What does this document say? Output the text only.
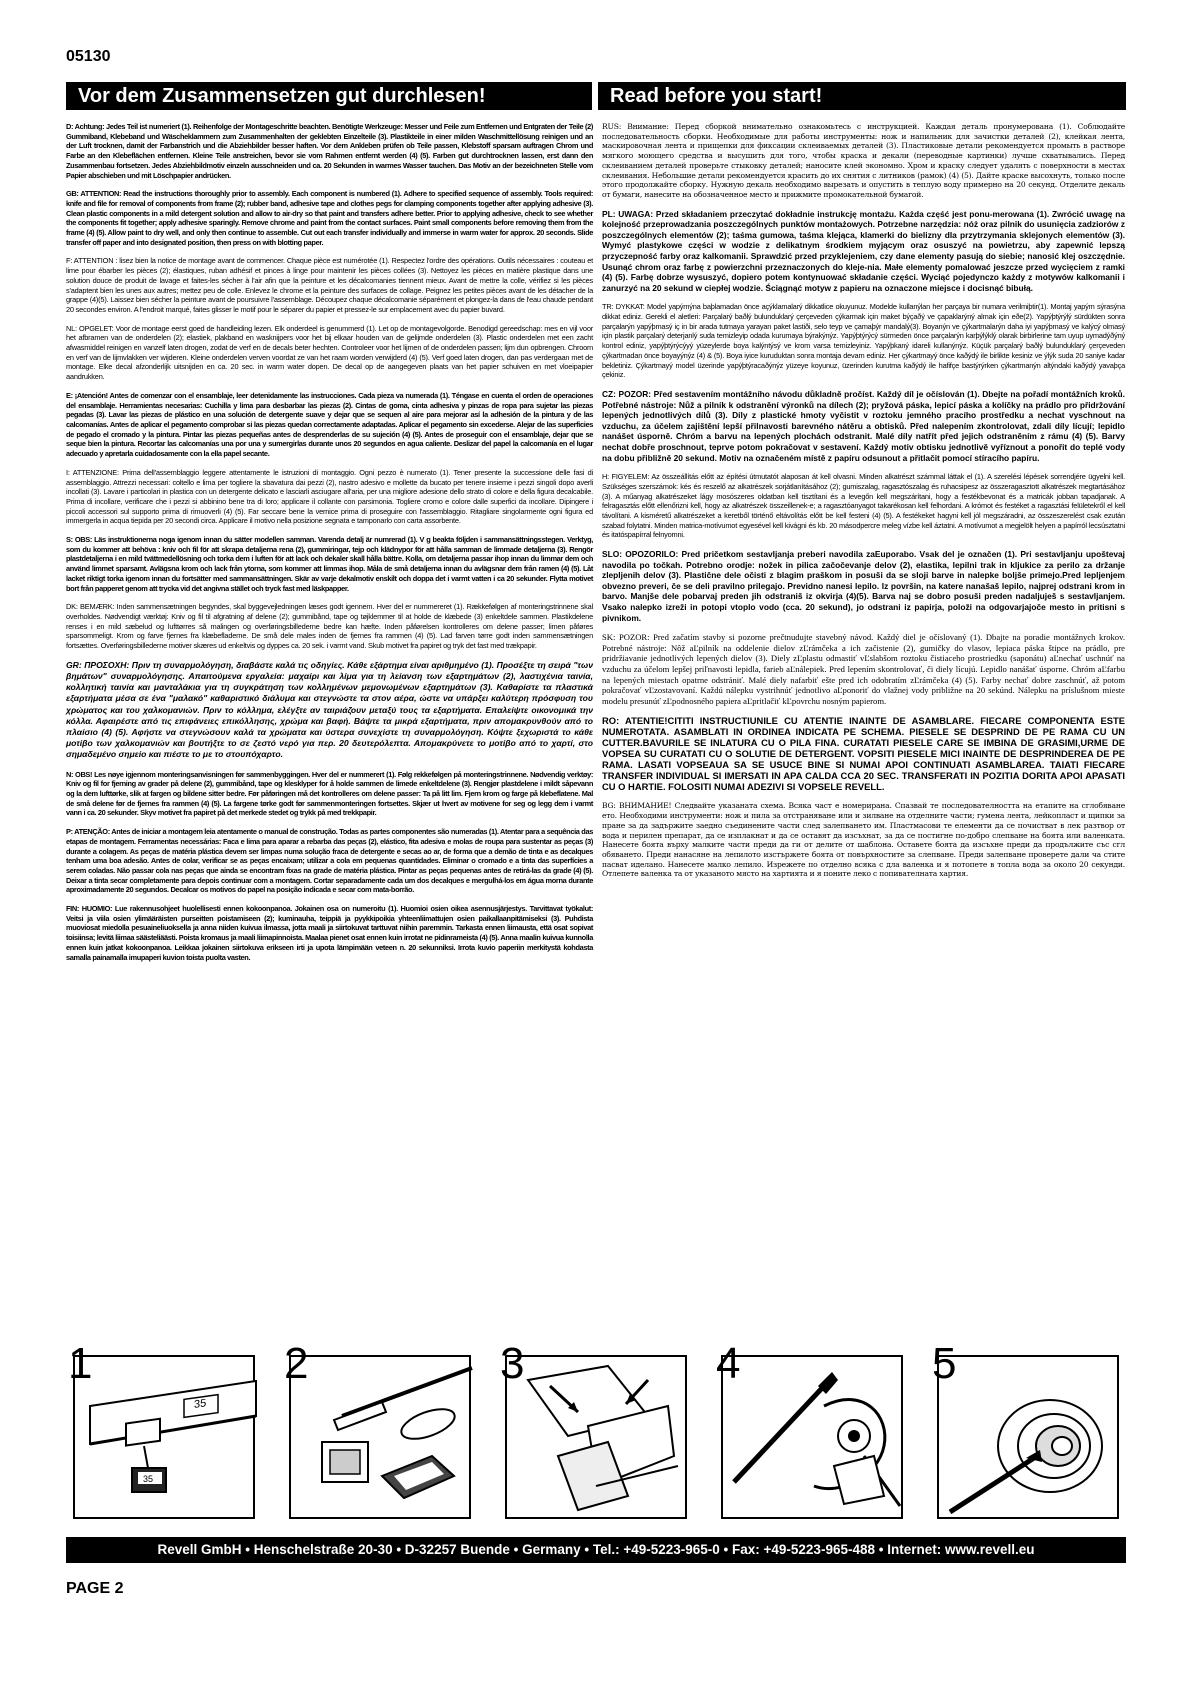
05130
Vor dem Zusammensetzen gut durchlesen!	Read before you start!

D: Achtung: Jedes Teil ist numeriert (1). Reihenfolge der Montageschritte beachten. Benötigte Werkzeuge: Messer und Feile zum Entfernen und Entgraten der Teile (2) Gummiband, Klebeband und Wäscheklammern zum Zusammenhalten der geklebten Einzelteile (3). Plastikteile in einer milden Waschmittellösung reinigen und an der Luft trocknen, damit der Farbanstrich und die Abziehbilder besser haften. Vor dem Ankleben prüfen ob Teile passen, Klebstoff sparsam auftragen Chrom und Farbe an den Klebeflächen entfernen. Kleine Teile anstreichen, bevor sie vom Rahmen entfernt werden (4) (5). Farben gut durchtrocknen lassen, erst dann den Zusammenbau fortsetzen. Jedes Abziehbildmotiv einzeln ausschneiden und ca. 20 Sekunden in warmes Wasser tauchen. Das Motiv an der bezeichneten Stelle vom Papier abschieben und mit Löschpapier andrücken.

GB: ATTENTION: Read the instructions thoroughly prior to assembly. Each component is numbered (1). Adhere to specified sequence of assembly. Tools required: knife and file for removal of components from frame (2); rubber band, adhesive tape and clothes pegs for clamping components together after applying adhesive (3). Clean plastic components in a mild detergent solution and allow to air-dry so that paint and transfers adhere better. Prior to applying adhesive, check to see whether the components fit together; apply adhesive sparingly. Remove chrome and paint from the contact surfaces. Paint small components before removing them from the frame (4) (5). Allow paint to dry well, and only then continue to assemble. Cut out each transfer individually and immerse in warm water for approx. 20 seconds. Slide transfer off paper and into designated position, then press on with blotting paper.

F: ATTENTION : lisez bien la notice de montage avant de commencer. Chaque pièce est numérotée (1). Respectez l'ordre des opérations. Outils nécessaires : couteau et lime pour ébarber les pièces (2); élastiques, ruban adhésif et pinces à linge pour maintenir les pièces collées (3). Nettoyez les pièces en matière plastique dans une solution douce de produit de lavage et faites-les sécher à l'air afin que la peinture et les décalcomanies tiennent mieux. Avant de mettre la colle, vérifiez si les pièces s'adaptent bien les unes aux autres; mettez peu de colle. Enlevez le chrome et la peinture des surfaces de collage. Peignez les petites pièces avant de les détacher de la grappe (4)(5). Laissez bien sécher la peinture avant de poursuivre l'assemblage. Découpez chaque décalcomanie séparément et plongez-la dans de l'eau chaude pendant 20 secondes environ. A l'endroit marqué, faites glisser le motif pour le séparer du papier et pressez-le sur emplacement avec du papier buvard.

NL: OPGELET: Voor de montage eerst goed de handleiding lezen. Elk onderdeel is genummerd (1). Let op de montagevolgorde. Benodigd gereedschap: mes en vijl voor het afbramen van de onderdelen (2); elastiek, plakband en wasknijpers voor het bij elkaar houden van de gelijmde onderdelen (3). Plastic onderdelen met een zacht afwasmiddel reinigen en vanzelf laten drogen, zodat de verf en de decals beter hechten. Controleer voor het lijmen of de onderdelen passen; lijm dun opbrengen. Chroom en verf van de lijmvlakken ver wijderen. Kleine onderdelen verven voordat ze van het raam worden verwijderd (4) (5). Verf goed laten drogen, dan pas verdergaan met de montage. Elke decal afzonderlijk uitsnijden en ca. 20 sec. in warm water dopen. De decal op de aangegeven plaats van het papier schuiven en met vloeipapier aandrukken.

E: ¡Atención! Antes de comenzar con el ensamblaje, leer detenidamente las instrucciones. Cada pieza va numerada (1). Téngase en cuenta el orden de operaciones del ensamblaje. Herramientas necesarias: Cuchilla y lima para desbarbar las piezas (2). Cintas de goma, cinta adhesiva y pinzas de ropa para sujetar las piezas pegadas (3). Lavar las piezas de plástico en una solución de detergente suave y dejar que se sequen al aire para mejorar así la adhesión de la pintura y de las calcomanías. Antes de aplicar el pegamento comprobar si las piezas quedan correctamente adaptadas. Aplicar el pegamento sin excederse. Alejar de las superficies de pegado el cromado y la pintura. Pintar las piezas pequeñas antes de desprenderlas de su sujeción (4) (5). Antes de proseguir con el ensamblaje, dejar que se seque bien la pintura. Recortar las calcomanías una por una y sumergirlas durante unos 20 segundos en agua caliente. Deslizar del papel la calcomanía en el lugar adecuado y apretarla cuidadosamente con la ella papel secante.

I: ATTENZIONE: Prima dell'assemblaggio leggere attentamente le istruzioni di montaggio. Ogni pezzo è numerato (1). Tener presente la successione delle fasi di assemblaggio. Attrezzi necessari: coltello e lima per togliere la sbavatura dai pezzi (2), nastro adesivo e mollette da bucato per tenere insieme i pezzi singoli dopo averli incollati (3). Lavare i particolari in plastica con un detergente delicato e lasciarli asciugare all'aria, per una migliore adesione dello strato di colore e della figura decalcabile. Prima di incollare, verificare che i pezzi si abbinino bene tra di loro; applicare il collante con parsimonia. Togliere cromo e colore dalle superfici da incollare. Dipingere i piccoli accessori sul supporto prima di rimuoverli (4) (5). Far seccare bene la vernice prima di proseguire con l'assemblaggio. Ritagliare singolarmente ogni figura ed immergerla in acqua tiepida per 20 secondi circa. Applicare il motivo nella posizione segnata e tamponarlo con carta assorbente.

S: OBS: Läs instruktionerna noga igenom innan du sätter modellen samman. Varenda detalj är numrerad (1). V g beakta följden i sammansättningsstegen. Verktyg, som du kommer att behöva : kniv och fil för att skrapa detaljerna rena (2), gummiringar, tejp och klädnypor för att hålla samman de limmade detaljerna (3). Rengör plastdetaljerna i en mild tvättmedellösning och torka dem i luften för att lack och dekaler skall hålla bättre. Kolla, om detaljerna passar ihop innan du limmar dem och använd limmet sparsamt. Avlägsna krom och lack från ytorna, som kommer att limmas ihop. Måla de små detaljerna innan du avlägsnar dem från ramen (4) (5). Låt lacket riktigt torka igenom innan du fortsätter med sammansättningen. Skär av varje dekalmotiv enskilt och doppa det i varmt vatten i ca 20 sekunder. Flytta motivet bort från papperet genom att trycka vid det angivna stället och tryck fast med läskpapper.

DK: BEMÆRK: Inden sammensætningen begyndes, skal byggevejledningen læses godt igennem. Hver del er nummereret (1). Rækkefølgen af monteringstrinnene skal overholdes. Nødvendigt værktøj: Kniv og fil til afgratning af delene (2); gummibånd, tape og tøjklemmer til at holde de klæbede (3) enkeltdele sammen. Plastikdelene renses i en mild sæbelud og lufttørres så malingen og overføringsbillederne bedre kan hæfte. Inden påførelsen kontrolleres om delene passer; limen påføres sparsommeligt. Krom og farve fjernes fra klæbefladerne. De små dele males inden de fjernes fra rammen (4) (5). Lad farven tørre godt inden sammensætningen fortsættes. Overføringsbillederne motiver skæres ud enkeltvis og dyppes ca. 20 sek. i varmt vand. Skub motivet fra papiret og tryk det fast med trækpapir.

GR: ΠΡΟΣΟΧΗ: Πριν τη συναρμολόγηση, διαβάστε καλά τις οδηγίες. Κάθε εξάρτημα είναι αριθμημένο (1). Προσέξτε τη σειρά "των βημάτων" συναρμολόγησης. Απαιτούμενα εργαλεία: μαχαίρι και λίμα για τη λείανση των εξαρτημάτων (2), λαστιχένια ταινία, κολλητική ταινία και μανταλάκια για τη συγκράτηση των κολλημένων μεμονωμένων εξαρτημάτων (3). Καθαρίστε τα πλαστικά εξαρτήματα μέσα σε ένα "μαλακό" καθαριστικό διάλυμα και στεγνώστε τα στον αέρα, ώστε να υπάρξει καλύτερη πρόσφυση του χρώματος και του χαλκομανιών. Πριν το κόλλημα, ελέγξτε αν ταιριάζουν μεταξύ τους τα εξαρτήματα. Επαλείψτε οικονομικά την κόλλα. Αφαιρέστε από τις επιφάνειες επικόλλησης, χρώμα και βαφή. Βάψτε τα μικρά εξαρτήματα, πριν απομακρυνθούν από το πλαίσιο (4) (5). Αφήστε να στεγνώσουν καλά τα χρώματα και ύστερα συνεχίστε τη συναρμολόγηση. Κόψτε ξεχωριστά το κάθε μοτίβο των χαλκομανιών και βουτήξτε το σε ζεστό νερό για περ. 20 δευτερόλεπτα. Απομακρύνετε το μοτίβο από το χαρτί, στο σημαδεμένο σημείο και πιέστε το με το στουπόχαρτο.

N: OBS! Les nøye igjennom monteringsanvisningen før sammenbyggingen. Hver del er nummerert (1). Følg rekkefølgen på monteringstrinnene. Nødvendig verktøy: Kniv og fil for fjerning av grader på delene (2), gummibånd, tape og klesklyper for å holde sammen de limede enkeltdelene (3). Rengjør plastdelene i mildt såpevann og la dem lufttørke, slik at fargen og bildene sitter bedre. Før påføringen må det kontrolleres om delene passer: Ta på litt lim. Fjern krom og farge på klebeflatene. Mal de små delene før de fjernes fra rammen (4) (5). La fargene tørke godt før sammenmonteringen fortsettes. Skjær ut hvert av motivene for seg og legg dem i varmt vann i ca. 20 sekunder. Skyv motivet fra papiret på det merkede stedet og trykk på med trekkpapir.

P: ATENÇÃO: Antes de iniciar a montagem leia atentamente o manual de construção. Todas as partes componentes são numeradas (1). Atentar para a sequência das etapas de montagem. Ferramentas necessárias: Faca e lima para aparar a rebarba das peças (2), elástico, fita adesiva e molas de roupa para sustentar as peças (3) durante a colagem. As peças de matéria plástica devem ser limpas numa solução fraca de detergente e secas ao ar, de forma que a demão de tinta e as decalques tenham uma boa adesão. Antes de colar, verificar se as peças encaixam; utilizar a cola em pequenas quantidades. Eliminar o cromado e a tinta das superfícies a serem coladas. Não passar cola nas peças que ainda se encontram fixas na grade de matéria plástica. Pintar as peças pequenas antes de retirá-las da grade (4) (5). Deixar a tinta secar completamente para depois continuar com a montagem. Cortar separadamente cada um dos decalques e mergulhá-los em água morna durante aproximadamente 20 segundos. Decalcar os motivos do papel na posição indicada e secar com mata-borrão.

FIN: HUOMIO: Lue rakennusohjeet huolellisesti ennen kokoonpanoa. Jokainen osa on numeroitu (1). Huomioi osien oikea asennusjärjestys. Tarvittavat työkalut: Veitsi ja viila osien ylimääräisten purseitten poistamiseen (2); kuminauha, teippiä ja pyykkipoikia yhteenliimattujen osien paikallaanpitämiseksi (3). Puhdista muoviosat miedolla pesuaineliuoksella ja anna niiden kuivua ilmassa, jotta maali ja siirtokuvat tarttuvat niihin paremmin. Tarkasta ennen liimausta, että osat sopivat toisiinsa; levitä liimaa säästeliäästi. Poista kromaus ja maali liimapinnoista. Maalaa pienet osat ennen kuin irrotat ne pidinrameista (4) (5). Anna maalin kuivua kunnolla ennen kuin jatkat kokoonpanoa. Leikkaa jokainen siirtokuva erikseen irti ja upota lämpimään veteen n. 20 sekunniksi. Irrota kuvio paperiin merkitystä kohdasta samalla painamalla imupaperi kuvion toista puolta vasten.

RUS: Внимание: Перед сборкой внимательно ознакомьтесь с инструкцией. Каждая деталь пронумерована (1). Соблюдайте последовательность сборки. Необходимые для работы инструменты: нож и напильник для зачистки деталей (2), клейкая лента, маскировочная лента и прищепки для фиксации склеиваемых деталей (3). Пластиковые детали рекомендуется промыть в растворе мягкого моющего средства и высушить для того, чтобы краска и декали (переводные картинки) лучше схватывались. Перед склеиванием деталей проверьте стыковку деталей; наносите клей экономно. Хром и краску следует удалять с поверхности в местах склеивания. Небольшие детали рекомендуется красить до их снятия с литников (рамок) (4) (5). Дайте краске высохнуть, только после этого продолжайте сборку. Нужную декаль необходимо вырезать и опустить в теплую воду примерно на 20 секунд. Отделите декаль от бумаги, нанесите на обозначенное место и прижмите промокательной бумагой.

PL: UWAGA: Przed składaniem przeczytać dokładnie instrukcję montażu. Każda część jest ponu-merowana (1). Zwrócić uwagę na kolejność przeprowadzania poszczególnych punktów montażowych. Potrzebne narzędzia: nóż oraz pilnik do usunięcia zadziorów z poszczególnych elementów (2); taśma gumowa, taśma klejąca, klamerki do bielizny dla przytrzymania sklejonych elementów (3). Wymyć plastykowe części w wodzie z delikatnym środkiem myjącym oraz osuszyć na powietrzu, aby zapewnić lepszą przyczepność farby oraz kalkomanii. Sprawdzić przed przyklejeniem, czy dane elementy pasują do siebie; nanosić klej oszczędnie. Usunąć chrom oraz farbę z powierzchni przeznaczonych do kleje-nia. Małe elementy pomalować jeszcze przed wycięciem z ramki (4) (5). Farbę dobrze wysuszyć, dopiero potem kontynuować składanie części. Wyciąć pojedynczo każdy z motywów kalkomanii i zanurzyć na 20 sekund w ciepłej wodzie. Ściągnąć motyw z papieru na oznaczone miejsce i docisnąć bibułą.

TR: DYKKAT: Model yapýmýna baþlamadan önce açýklamalarý dikkatlice okuyunuz. Modelde kullanýlan her parçaya bir numara verilmiþtir(1). Montaj yapým sýrasýna dikkat ediniz. Gerekli el aletleri: Parçalarý baðlý bulunduklarý çerçeveden çýkarmak için maket býçaðý ve çapaklarýný almak için eðe(2). Yapýþtýrýlý sürdükten sonra parçalarýn yapýþmasý iç in bir arada tutmaya yarayan paket lastiði, selo teyp ve çamaþýr mandalý(3). Boyanýn ve çýkartmalarýn daha iyi yapýþmasý ve kalýcý olmasý için plastik parçalarý deterjanlý suda temizleyip odada kurumaya býrakýnýz. Yapýþtýrýcý sürmeden önce parçalarýn karþýlýklý olarak birbirlerine tam uyup uymadýðýný kontrol ediniz, yapýþtýrýcýyý yüzeylerde boya kalýntýsý ve krom varsa temizleyiniz. Yapýþkaný idareli kullanýnýz. Küçük parçalarý baðlý bulunduklarý çerçeveden çýkartmadan önce boyayýnýz (4) & (5). Boya iyice kuruduktan sonra montaja devam ediniz. Her çýkartmayý önce kaðýdý ile birlikte kesiniz ve ýlýk suda 20 saniye kadar bekletiniz. Çýkartmayý model üzerinde yapýþtýracaðýnýz yüzeye koyunuz, üzerinden kurutma kaðýdý ile hafifçe bastýrýrken çýkartmanýn altýndaki kaðýdý yavaþça çekiniz.

CZ: POZOR: Před sestavením montážního návodu důkladně pročíst. Každý díl je očíslován (1). Dbejte na pořadí montážních kroků. Potřebné nástroje: Nůž a pilník k odstranění výronků na dílech (2); pryžová páska, lepicí páska a kolíčky na prádlo pro přidržování lepených jednotlivých dílů (3). Díly z plastické hmoty vyčistit v roztoku jemného pracího prostředku a nechat vyschnout na vzduchu, za účelem zajištění lepší přilnavosti barevného nátěru a obtisků. Před nalepením zkontrolovat, zdali díly lícují; lepidlo nanášet úsporně. Chróm a barvu na lepených plochách odstranit. Malé díly natřít před jejich odstraněním z rámu (4) (5). Barvy nechat dobře proschnout, teprve potom pokračovat v sestavení. Každý motiv obtisku jednotlivě vyříznout a ponořit do teplé vody na dobu přibližně 20 sekund. Motiv na označeném místě z papíru odsunout a přitlačit pomocí stíracího papíru.

H: FIGYELEM: Az összeállítás előtt az építési útmutatót alaposan át kell olvasni. Minden alkatrészt számmal láttak el (1). A szerelési lépések sorrendjére ügyelni kell. Szükséges szerszámok: kés és reszelő az alkatrészek sorjátlanításához (2); gumiszalag, ragasztószalag és ruhacsipesz az összeragasztott alkatrészek megtartásához (3). A műanyag alkatrészeket lágy mosószeres oldatban kell tisztítani és a levegőn kell megszárítani, hogy a festékbevonat és a matricák jobban tapadjanak. A felragasztás előtt ellenőrizni kell, hogy az alkatrészek összeillenek-e; a ragasztóanyagot takarékosan kell felhordani. A krómot és festéket a ragasztási felületekről el kell távolítani. A kisméretű alkatrészeket a keretből történő eltávolítás előtt be kell festeni (4) (5). A festékeket hagyni kell jól megszáradni, az összeszerelést csak ezután szabad folytatni. Minden matrica-motívumot egyesével kell kivágni és kb. 20 másodpercre meleg vízbe kell áztatni. A motívumot a megjelölt helyen a papírról lecsúsztatni és itatóspapírral felnyomni.

SLO: OPOZORILO: Pred pričetkom sestavljanja preberi navodila zaЕuporabo. Vsak del je označen (1). Pri sestavljanju upoštevaj navodila po točkah. Potrebno orodje: nožek in pilica začočevanje delov (2), elastika, lepilni trak in kljukice za perilo za držanje zlepljenih delov (3). Plastične dele očisti z blagim praškom in posuši da se sloji barve in nalepke boljše primejo.Pred lepljenjem obvezno preveri, če se deli pravilno prilegajo. Previdno nanesi lepilo. Iz površin, na katere nanašaš lepilo, najprej odstrani krom in barvo. Manjše dele pobarvaj preden jih odstraniš iz okvirja (4)(5). Barva naj se dobro posuši preden nadaljuješ s sestavljanjem. Vsako nalepko izreži in potopi vtoplo vodo (cca. 20 sekund), jo odstrani iz papirja, položi na odgovarjajoče mesto in pritisni s pivnikom.

SK: POZOR: Pred začatím stavby si pozorne prečtnudujte stavebný návod. Každý diel je očíslovaný (1). Dbajte na poradie montážnych krokov. Potrebné nástroje: Nôž aĽpilník na oddelenie dielov zĽrámčeka a ich začistenie (2), gumičky do vlasov, lepiaca páska štipce na prádlo, pre pridržiavanie jednotlivých lepených dielov (3). Diely zĽplastu odmastiť vĽslabšom roztoku čistiaceho prostriedku (saponátu) aĽnechať uschnúť na vzduchu za účelom lepšej priľnavosti lepidla, farieb aĽnálepiek. Pred lepením skontrolovať, či diely lícujú. Lepidlo nanášať úsporne. Chróm aĽfarbu na lepených miestach opatrne odstrániť. Malé diely nafarbiť ešte pred ich odobratím zĽrámčeka (4) (5). Farby nechať dobre zaschnúť, až potom pokračovať vĽzostavovaní. Každú nálepku vystrihnúť jednotlivo aĽponoriť do vlažnej vody približne na 20 sekúnd. Nálepku na príslušnom mieste modelu presunúť zĽpodnosného papiera aĽpritlačiť kĽpovrchu nosným papierom.

RO: ATENTIE!CITITI INSTRUCTIUNILE CU ATENTIE INAINTE DE ASAMBLARE. FIECARE COMPONENTA ESTE NUMEROTATA. ASAMBLATI IN ORDINEA INDICATA PE SCHEMA. PIESELE SE DESPRIND DE PE RAMA CU UN CUTTER.BAVURILE SE INLATURA CU O PILA FINA. CURATATI PIESELE CARE SE IMBINA DE GRASIMI,URME DE VOPSEA SU CURATATI CU O SOLUTIE DE DETERGENT. VOPSITI PIESELE MICI INAINTE DE DESPRINDEREA DE PE RAMA. LASATI VOPSEAUA SA SE USUCE BINE SI NUMAI APOI CONTINUATI ASAMBLAREA. TAIATI FIECARE TRANSFER INDIVIDUAL SI IMERSATI IN APA CALDA CCA 20 SEC. TRANSFERATI IN POZITIA DORITA APOI APASATI CU O HARTIE. FOLOSITI NUMAI ADEZIVI SI VOPSELE REVELL.

BG: ВНИМАНИЕ! Следвайте указаната схема. Всяка част е номерирана. Спазвай те последователността на етапите на сглобяване ето. Необходими инструменти: нож и пила за отстраняване или и зилване на отделните части; гумена лента, лейкопласт и щипки за пране за да задържите заедно съединените части след залепването им. Пластмасови те елементи да се почистват в лек разтвор от вода и перилен препарат, да се изплакнат и да се оставят да изсъхнат, за да се постигне по-добро слепване на боята или валенката. Нанесете боята върху малките части преди да ги от делите от шаблона. Оставете боята да изсъхне преди да продължите със сгл обяването. Преди нанасяне на лепилото изстържете боята от повърхностите за слепване. Преди залепване проверете дали ча стите пасват иделано. Нанесете малко лепило. Изрежете по отделно всяка с дла валенка и я потопете в топла вода за около 20 секунди. Отлепете валенка та от указаното място на хартията и я поните лекo с попивателната хартия.

35
35
1	2	3	4	5
Revell GmbH • Henschelstraße 20-30 • D-32257 Buende • Germany • Tel.: +49-5223-965-0 • Fax: +49-5223-965-488 • Internet: www.revell.eu
PAGE 2
